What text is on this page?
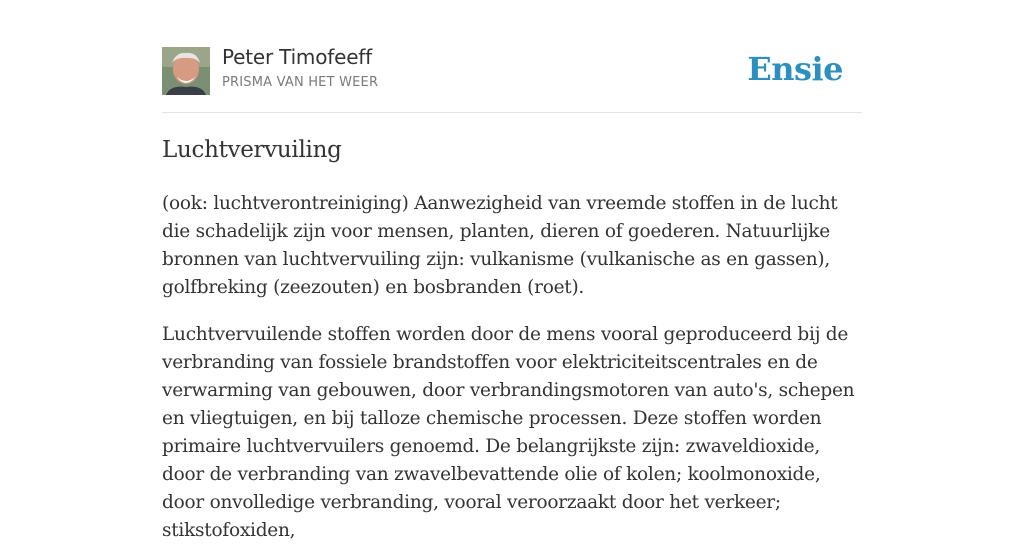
Peter Timofeeff
PRISMA VAN HET WEER	Ensie
Luchtvervuiling

(ook: luchtverontreiniging) Aanwezigheid van vreemde stoffen in de lucht die schadelijk zijn voor mensen, planten, dieren of goederen. Natuurlijke bronnen van luchtvervuiling zijn: vulkanisme (vulkanische as en gassen), golfbreking (zeezouten) en bosbranden (roet).

Luchtvervuilende stoffen worden door de mens vooral geproduceerd bij de verbranding van fossiele brandstoffen voor elektriciteitscentrales en de verwarming van gebouwen, door verbrandingsmotoren van auto's, schepen en vliegtuigen, en bij talloze chemische processen. Deze stoffen worden primaire luchtvervuilers genoemd. De belangrijkste zijn: zwaveldioxide, door de verbranding van zwavelbevattende olie of kolen; koolmonoxide, door onvolledige verbranding, vooral veroorzaakt door het verkeer; stikstofoxiden,
